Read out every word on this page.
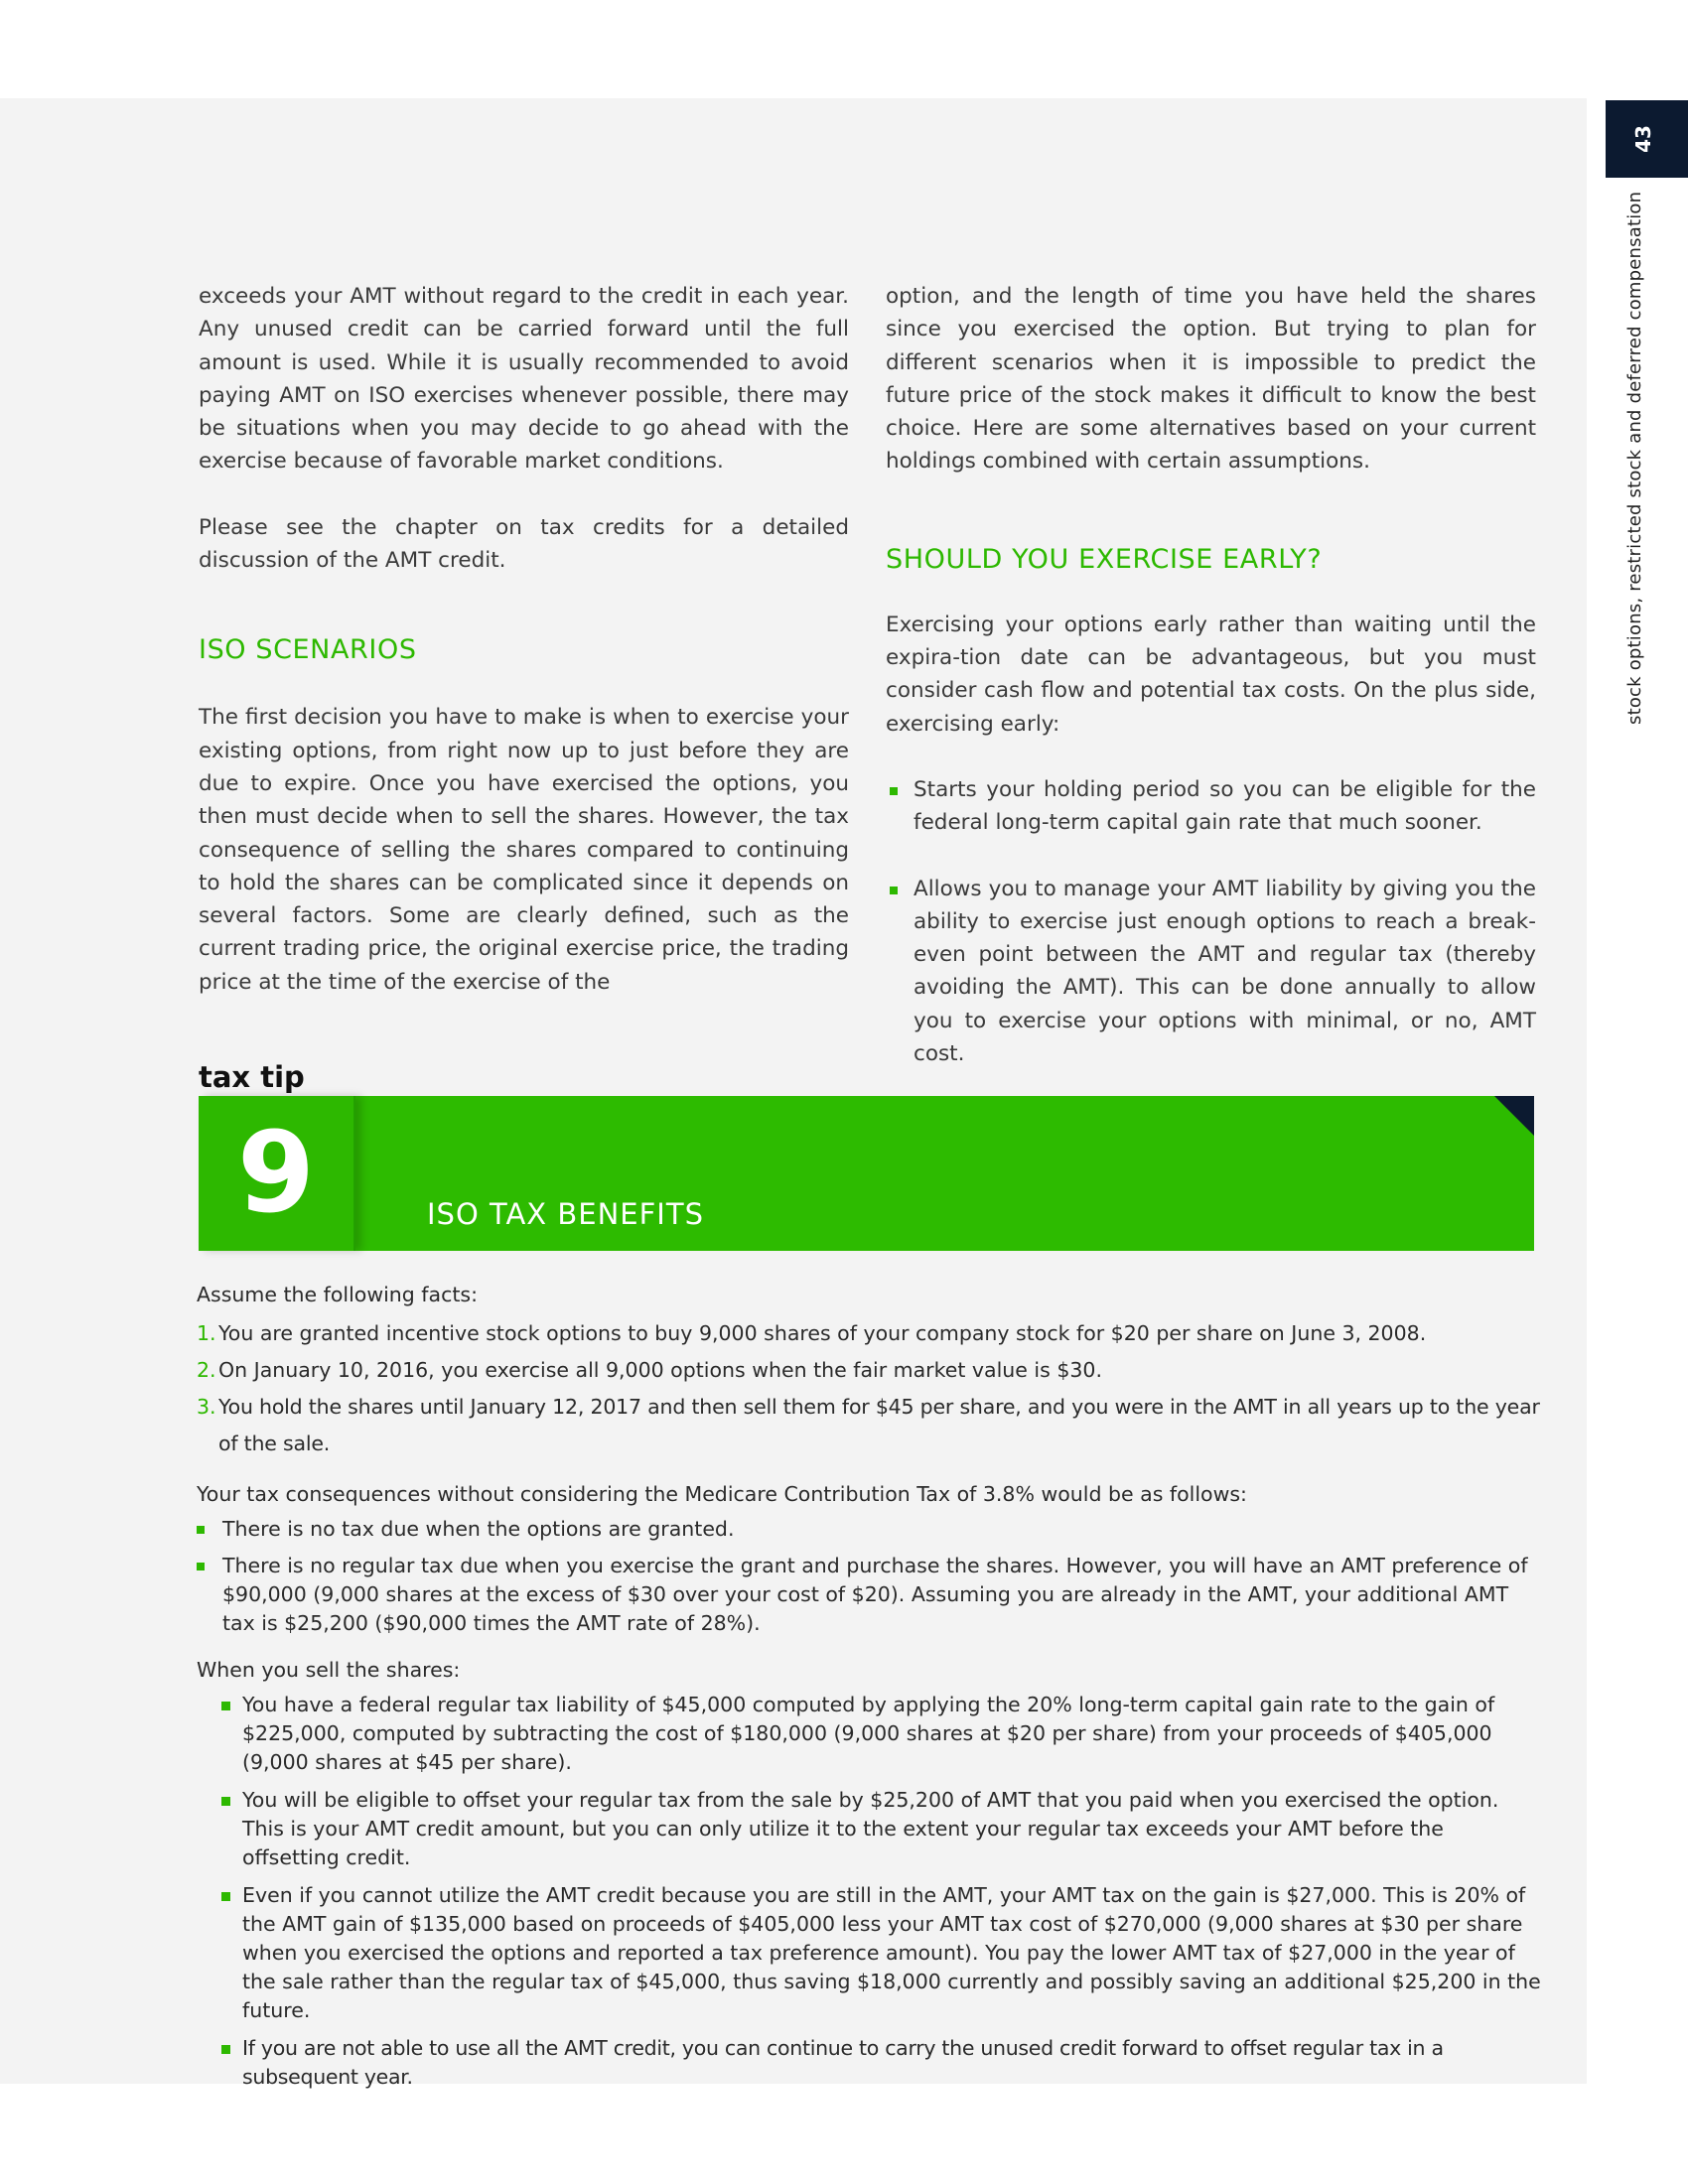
43
stock options, restricted stock and deferred compensation

exceeds your AMT without regard to the credit in each year. Any unused credit can be carried forward until the full amount is used. While it is usually recommended to avoid paying AMT on ISO exercises whenever possible, there may be situations when you may decide to go ahead with the exercise because of favorable market conditions.

Please see the chapter on tax credits for a detailed discussion of the AMT credit.

ISO SCENARIOS

The first decision you have to make is when to exercise your existing options, from right now up to just before they are due to expire. Once you have exercised the options, you then must decide when to sell the shares. However, the tax consequence of selling the shares compared to continuing to hold the shares can be complicated since it depends on several factors. Some are clearly defined, such as the current trading price, the original exercise price, the trading price at the time of the exercise of the

option, and the length of time you have held the shares since you exercised the option. But trying to plan for different scenarios when it is impossible to predict the future price of the stock makes it difficult to know the best choice. Here are some alternatives based on your current holdings combined with certain assumptions.

SHOULD YOU EXERCISE EARLY?

Exercising your options early rather than waiting until the expira-tion date can be advantageous, but you must consider cash flow and potential tax costs. On the plus side, exercising early:

Starts your holding period so you can be eligible for the federal long-term capital gain rate that much sooner.

Allows you to manage your AMT liability by giving you the ability to exercise just enough options to reach a break-even point between the AMT and regular tax (thereby avoiding the AMT). This can be done annually to allow you to exercise your options with minimal, or no, AMT cost.

tax tip
9	ISO TAX BENEFITS

Assume the following facts:

1. You are granted incentive stock options to buy 9,000 shares of your company stock for $20 per share on June 3, 2008.
2. On January 10, 2016, you exercise all 9,000 options when the fair market value is $30.
3. You hold the shares until January 12, 2017 and then sell them for $45 per share, and you were in the AMT in all years up to the year of the sale.

Your tax consequences without considering the Medicare Contribution Tax of 3.8% would be as follows:

There is no tax due when the options are granted.

There is no regular tax due when you exercise the grant and purchase the shares. However, you will have an AMT preference of $90,000 (9,000 shares at the excess of $30 over your cost of $20). Assuming you are already in the AMT, your additional AMT tax is $25,200 ($90,000 times the AMT rate of 28%).

When you sell the shares:

You have a federal regular tax liability of $45,000 computed by applying the 20% long-term capital gain rate to the gain of $225,000, computed by subtracting the cost of $180,000 (9,000 shares at $20 per share) from your proceeds of $405,000 (9,000 shares at $45 per share).

You will be eligible to offset your regular tax from the sale by $25,200 of AMT that you paid when you exercised the option. This is your AMT credit amount, but you can only utilize it to the extent your regular tax exceeds your AMT before the offsetting credit.

Even if you cannot utilize the AMT credit because you are still in the AMT, your AMT tax on the gain is $27,000. This is 20% of the AMT gain of $135,000 based on proceeds of $405,000 less your AMT tax cost of $270,000 (9,000 shares at $30 per share when you exercised the options and reported a tax preference amount). You pay the lower AMT tax of $27,000 in the year of the sale rather than the regular tax of $45,000, thus saving $18,000 currently and possibly saving an additional $25,200 in the future.

If you are not able to use all the AMT credit, you can continue to carry the unused credit forward to offset regular tax in a subsequent year.
